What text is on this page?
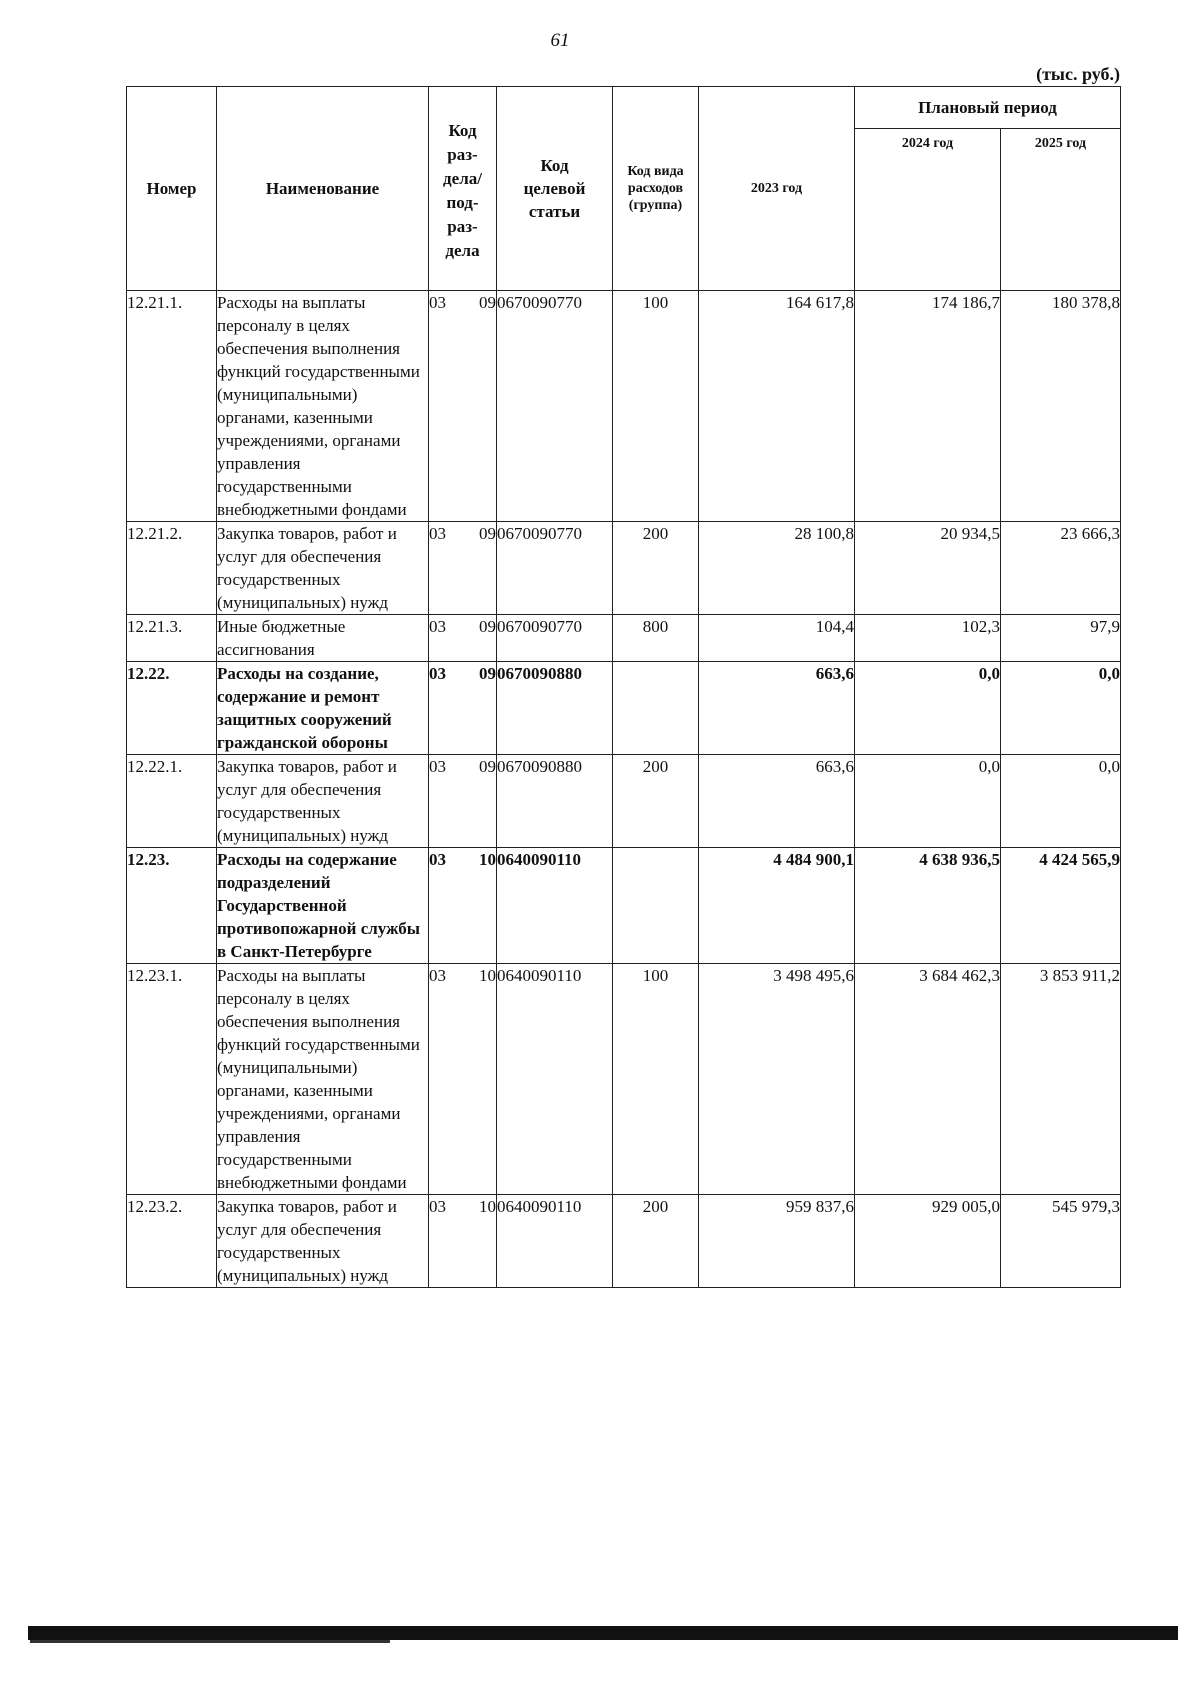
61
(тыс. руб.)
Номер	Наименование	Код раз-дела/ под-раз-дела	Код целевой статьи	Код вида расходов (группа)	2023 год	Плановый период	
						2024 год	2025 год
12.21.1.	Расходы на выплаты персоналу в целях обеспечения выполнения функций государственными (муниципальными) органами, казенными учреждениями, органами управления государственными внебюджетными фондами	03 09	0670090770	100	164 617,8	174 186,7	180 378,8
12.21.2.	Закупка товаров, работ и услуг для обеспечения государственных (муниципальных) нужд	03 09	0670090770	200	28 100,8	20 934,5	23 666,3
12.21.3.	Иные бюджетные ассигнования	03 09	0670090770	800	104,4	102,3	97,9
12.22.	Расходы на создание, содержание и ремонт защитных сооружений гражданской обороны	03 09	0670090880		663,6	0,0	0,0
12.22.1.	Закупка товаров, работ и услуг для обеспечения государственных (муниципальных) нужд	03 09	0670090880	200	663,6	0,0	0,0
12.23.	Расходы на содержание подразделений Государственной противопожарной службы в Санкт-Петербурге	03 10	0640090110		4 484 900,1	4 638 936,5	4 424 565,9
12.23.1.	Расходы на выплаты персоналу в целях обеспечения выполнения функций государственными (муниципальными) органами, казенными учреждениями, органами управления государственными внебюджетными фондами	03 10	0640090110	100	3 498 495,6	3 684 462,3	3 853 911,2
12.23.2.	Закупка товаров, работ и услуг для обеспечения государственных (муниципальных) нужд	03 10	0640090110	200	959 837,6	929 005,0	545 979,3
